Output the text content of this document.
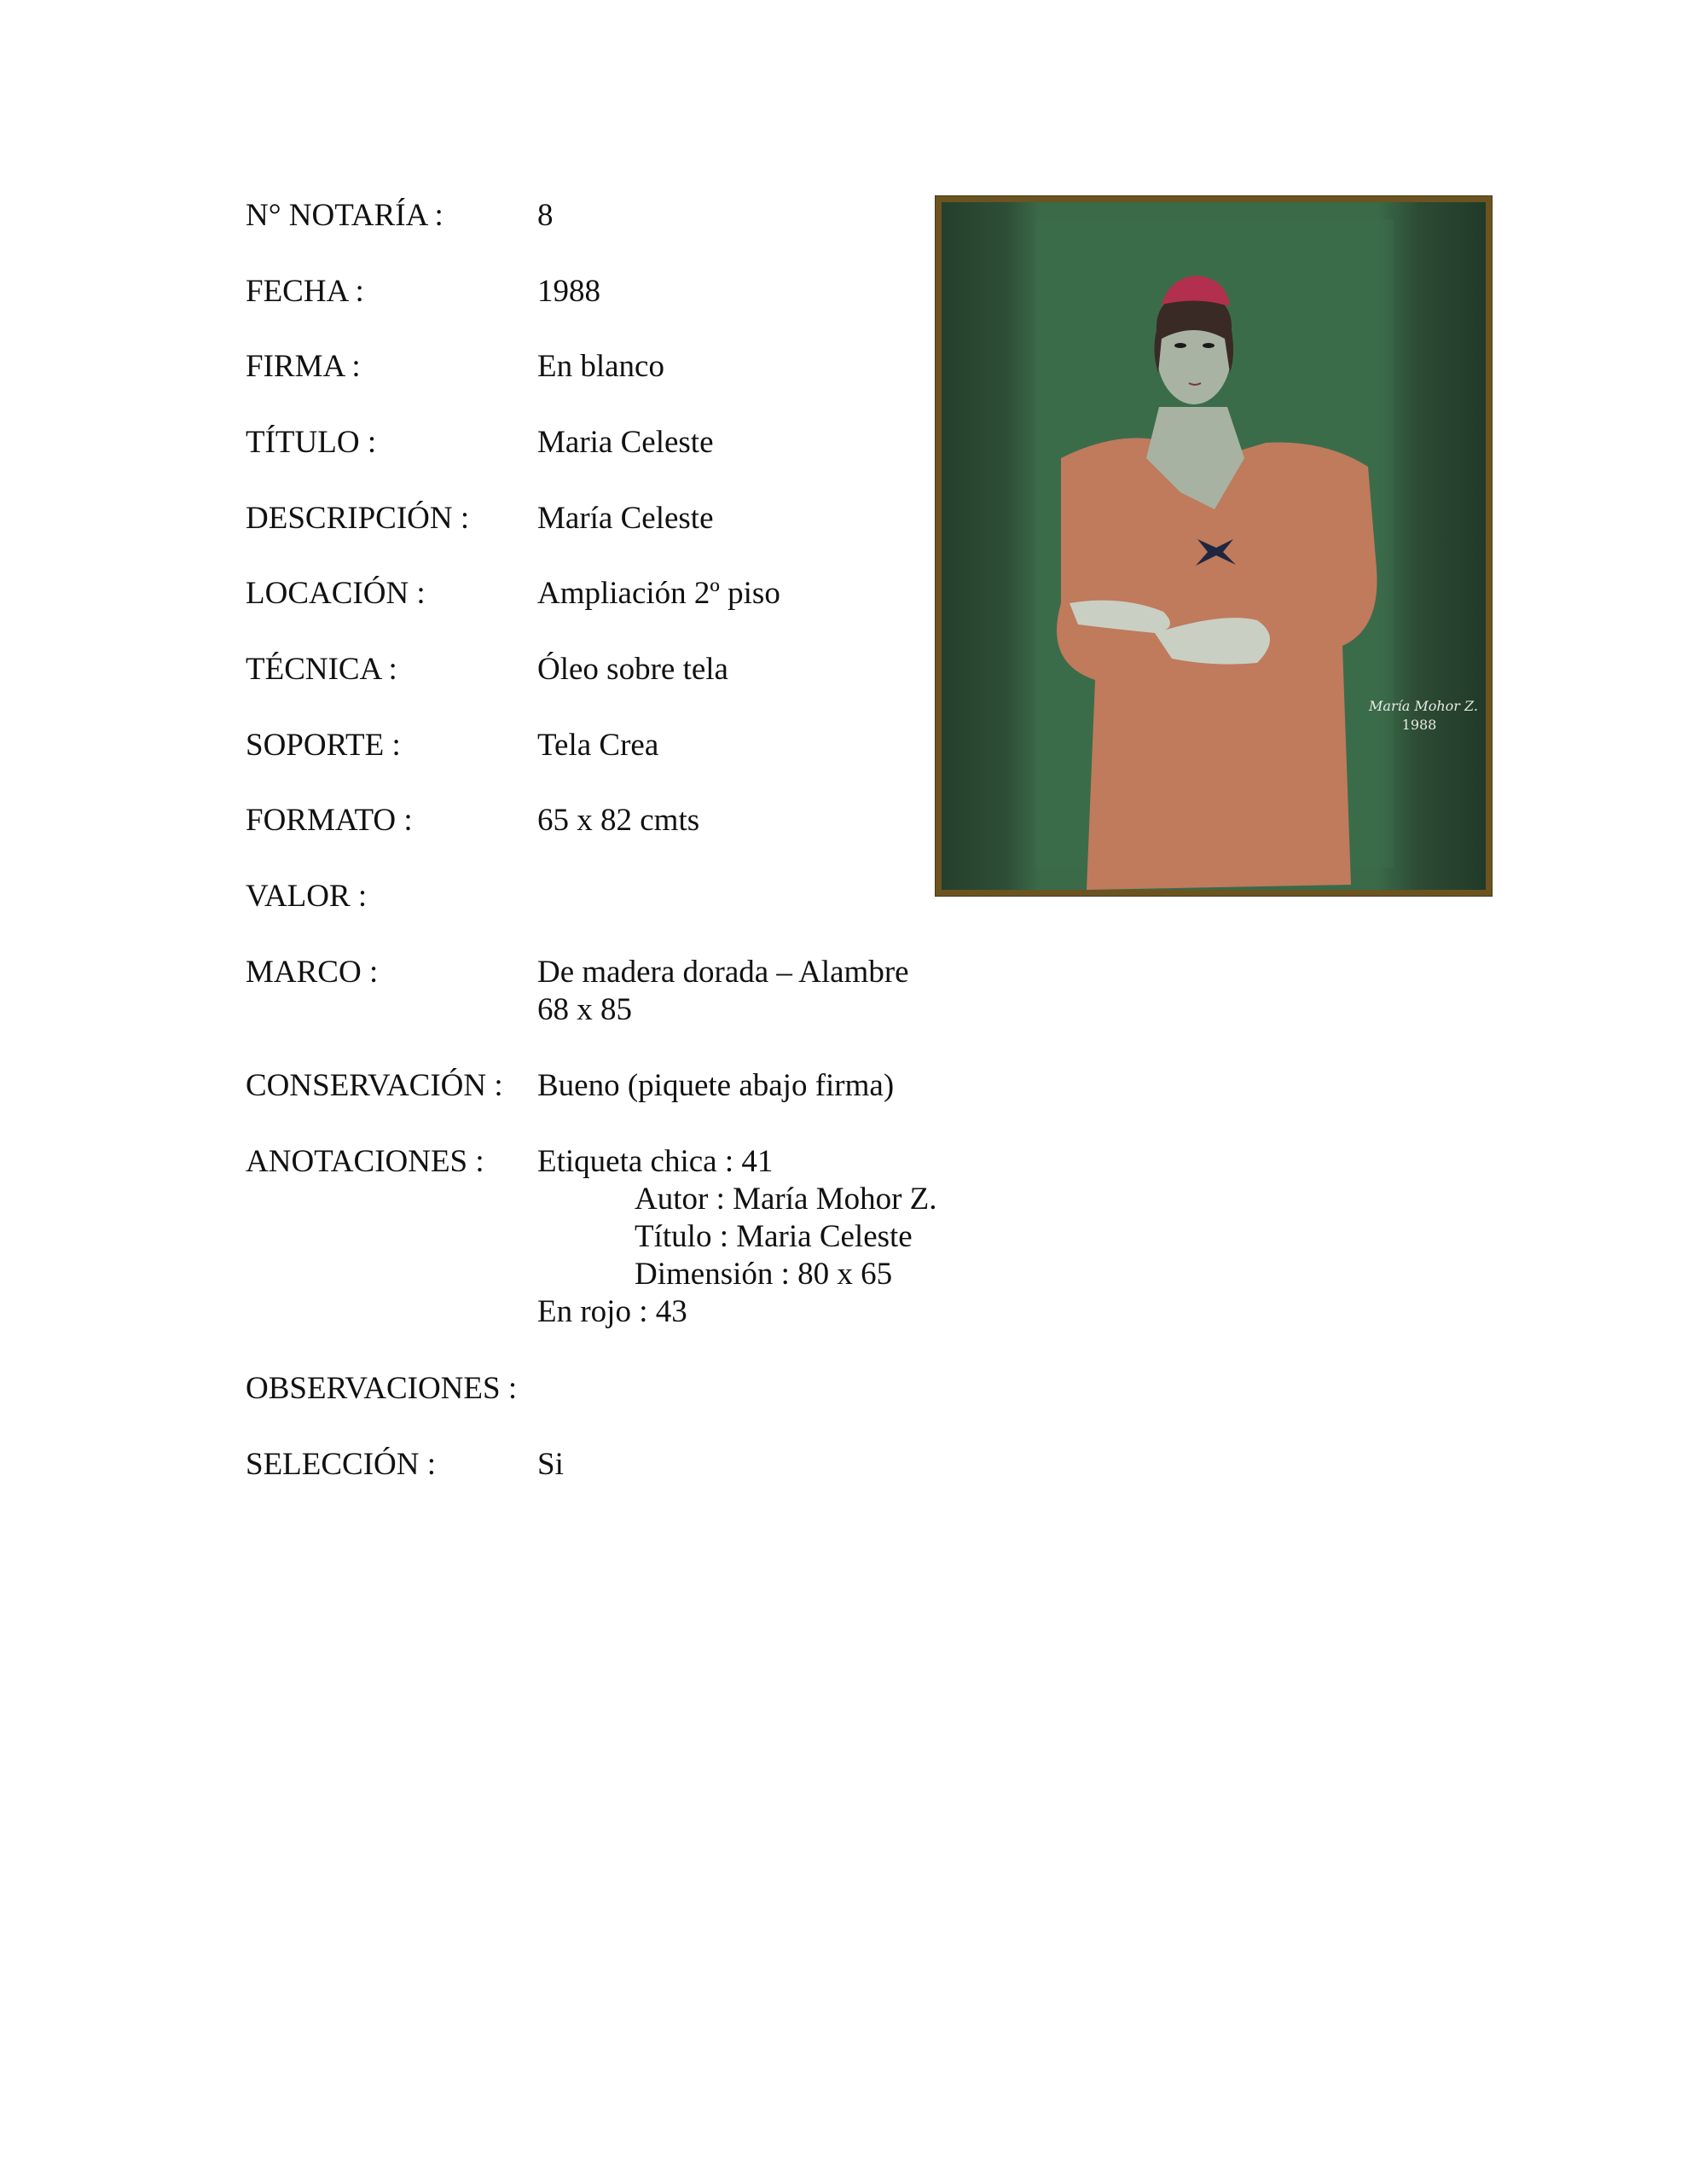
N° NOTARÍA :	8
FECHA :	1988
FIRMA :	En blanco
TÍTULO :	Maria Celeste
DESCRIPCIÓN : María Celeste
LOCACIÓN :	Ampliación 2º piso
TÉCNICA :	Óleo sobre tela
SOPORTE :	Tela Crea
FORMATO :	65 x 82 cmts
VALOR :
MARCO :	De madera dorada – Alambre
68 x 85
CONSERVACIÓN : Bueno (piquete abajo firma)
ANOTACIONES : Etiqueta chica : 41
Autor : María Mohor Z.
Título : Maria Celeste
Dimensión : 80 x 65
En rojo : 43
OBSERVACIONES :
SELECCIÓN :	Si
María Mohor Z.
1988
